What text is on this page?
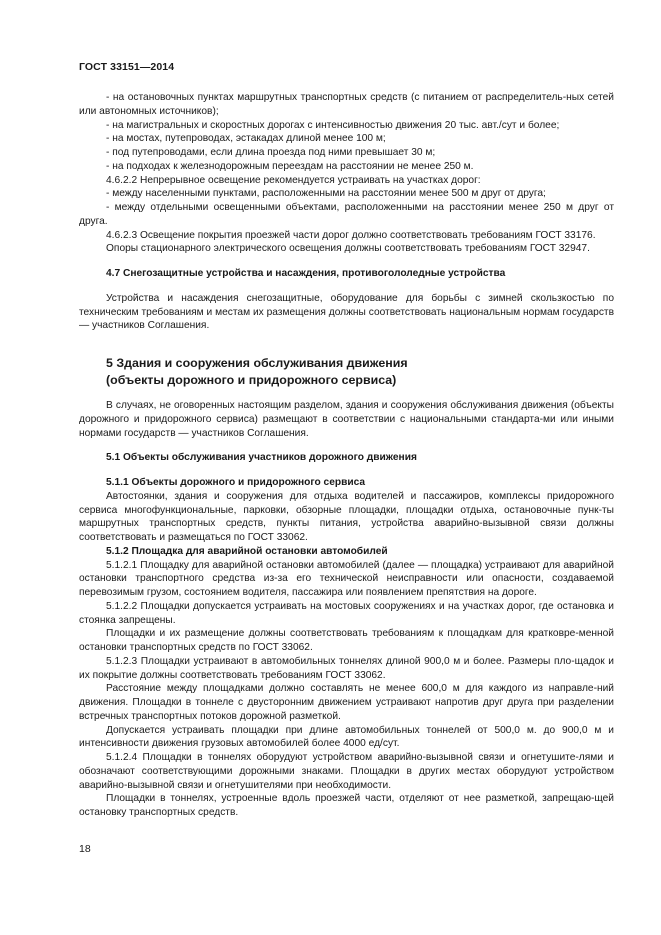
ГОСТ 33151—2014

- на остановочных пунктах маршрутных транспортных средств (с питанием от распределитель-ных сетей или автономных источников);

- на магистральных и скоростных дорогах с интенсивностью движения 20 тыс. авт./сут и более;

- на мостах, путепроводах, эстакадах длиной менее 100 м;

- под путепроводами, если длина проезда под ними превышает 30 м;

- на подходах к железнодорожным переездам на расстоянии не менее 250 м.

4.6.2.2 Непрерывное освещение рекомендуется устраивать на участках дорог:

- между населенными пунктами, расположенными на расстоянии менее 500 м друг от друга;

- между отдельными освещенными объектами, расположенными на расстоянии менее 250 м друг от друга.

4.6.2.3 Освещение покрытия проезжей части дорог должно соответствовать требованиям ГОСТ 33176.

Опоры стационарного электрического освещения должны соответствовать требованиям ГОСТ 32947.

4.7 Снегозащитные устройства и насаждения, противогололедные устройства

Устройства и насаждения снегозащитные, оборудование для борьбы с зимней скользкостью по техническим требованиям и местам их размещения должны соответствовать национальным нормам государств — участников Соглашения.

5 Здания и сооружения обслуживания движения

(объекты дорожного и придорожного сервиса)

В случаях, не оговоренных настоящим разделом, здания и сооружения обслуживания движения (объекты дорожного и придорожного сервиса) размещают в соответствии с национальными стандарта-ми или иными нормами государств — участников Соглашения.

5.1 Объекты обслуживания участников дорожного движения

5.1.1 Объекты дорожного и придорожного сервиса

Автостоянки, здания и сооружения для отдыха водителей и пассажиров, комплексы придорожного сервиса многофункциональные, парковки, обзорные площадки, площадки отдыха, остановочные пунк-ты маршрутных транспортных средств, пункты питания, устройства аварийно-вызывной связи должны соответствовать и размещаться по ГОСТ 33062.

5.1.2 Площадка для аварийной остановки автомобилей

5.1.2.1 Площадку для аварийной остановки автомобилей (далее — площадка) устраивают для аварийной остановки транспортного средства из-за его технической неисправности или опасности, создаваемой перевозимым грузом, состоянием водителя, пассажира или появлением препятствия на дороге.

5.1.2.2 Площадки допускается устраивать на мостовых сооружениях и на участках дорог, где остановка и стоянка запрещены.

Площадки и их размещение должны соответствовать требованиям к площадкам для кратковре-менной остановки транспортных средств по ГОСТ 33062.

5.1.2.3 Площадки устраивают в автомобильных тоннелях длиной 900,0 м и более. Размеры пло-щадок и их покрытие должны соответствовать требованиям ГОСТ 33062.

Расстояние между площадками должно составлять не менее 600,0 м для каждого из направле-ний движения. Площадки в тоннеле с двусторонним движением устраивают напротив друг друга при разделении встречных транспортных потоков дорожной разметкой.

Допускается устраивать площадки при длине автомобильных тоннелей от 500,0 м. до 900,0 м и интенсивности движения грузовых автомобилей более 4000 ед/сут.

5.1.2.4 Площадки в тоннелях оборудуют устройством аварийно-вызывной связи и огнетушите-лями и обозначают соответствующими дорожными знаками. Площадки в других местах оборудуют устройством аварийно-вызывной связи и огнетушителями при необходимости.

Площадки в тоннелях, устроенные вдоль проезжей части, отделяют от нее разметкой, запрещаю-щей остановку транспортных средств.

18
